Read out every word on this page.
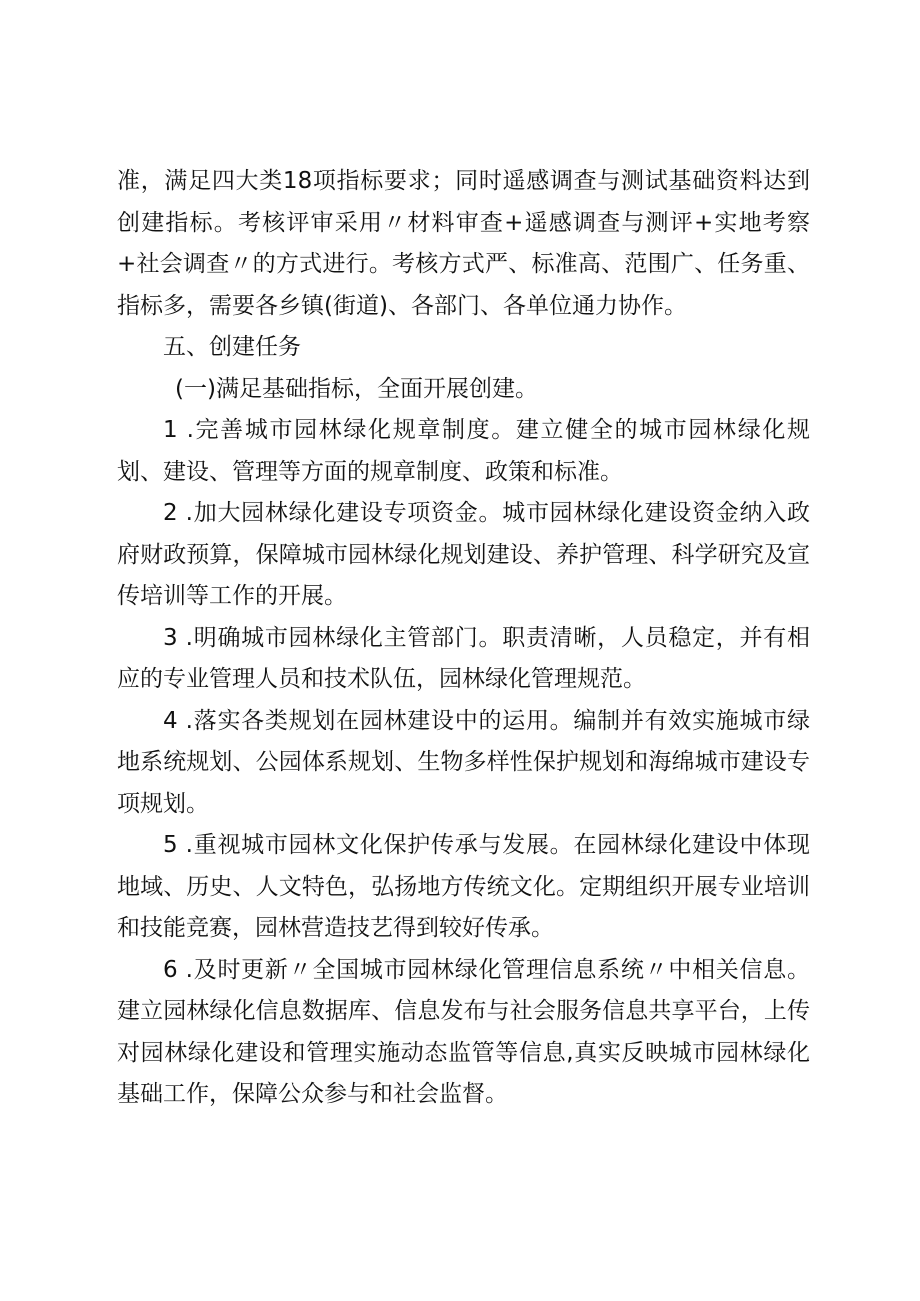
准，满足四大类18项指标要求；同时遥感调查与测试基础资料达到创建指标。考核评审采用〃材料审查+遥感调查与测评+实地考察+社会调查〃的方式进行。考核方式严、标准高、范围广、任务重、指标多，需要各乡镇(街道)、各部门、各单位通力协作。

五、创建任务

(一)满足基础指标，全面开展创建。

1 .完善城市园林绿化规章制度。建立健全的城市园林绿化规划、建设、管理等方面的规章制度、政策和标准。

2 .加大园林绿化建设专项资金。城市园林绿化建设资金纳入政府财政预算，保障城市园林绿化规划建设、养护管理、科学研究及宣传培训等工作的开展。

3 .明确城市园林绿化主管部门。职责清晰，人员稳定，并有相应的专业管理人员和技术队伍，园林绿化管理规范。

4 .落实各类规划在园林建设中的运用。编制并有效实施城市绿地系统规划、公园体系规划、生物多样性保护规划和海绵城市建设专项规划。

5 .重视城市园林文化保护传承与发展。在园林绿化建设中体现地域、历史、人文特色，弘扬地方传统文化。定期组织开展专业培训和技能竞赛，园林营造技艺得到较好传承。

6 .及时更新〃全国城市园林绿化管理信息系统〃中相关信息。建立园林绿化信息数据库、信息发布与社会服务信息共享平台，上传对园林绿化建设和管理实施动态监管等信息,真实反映城市园林绿化基础工作，保障公众参与和社会监督。
